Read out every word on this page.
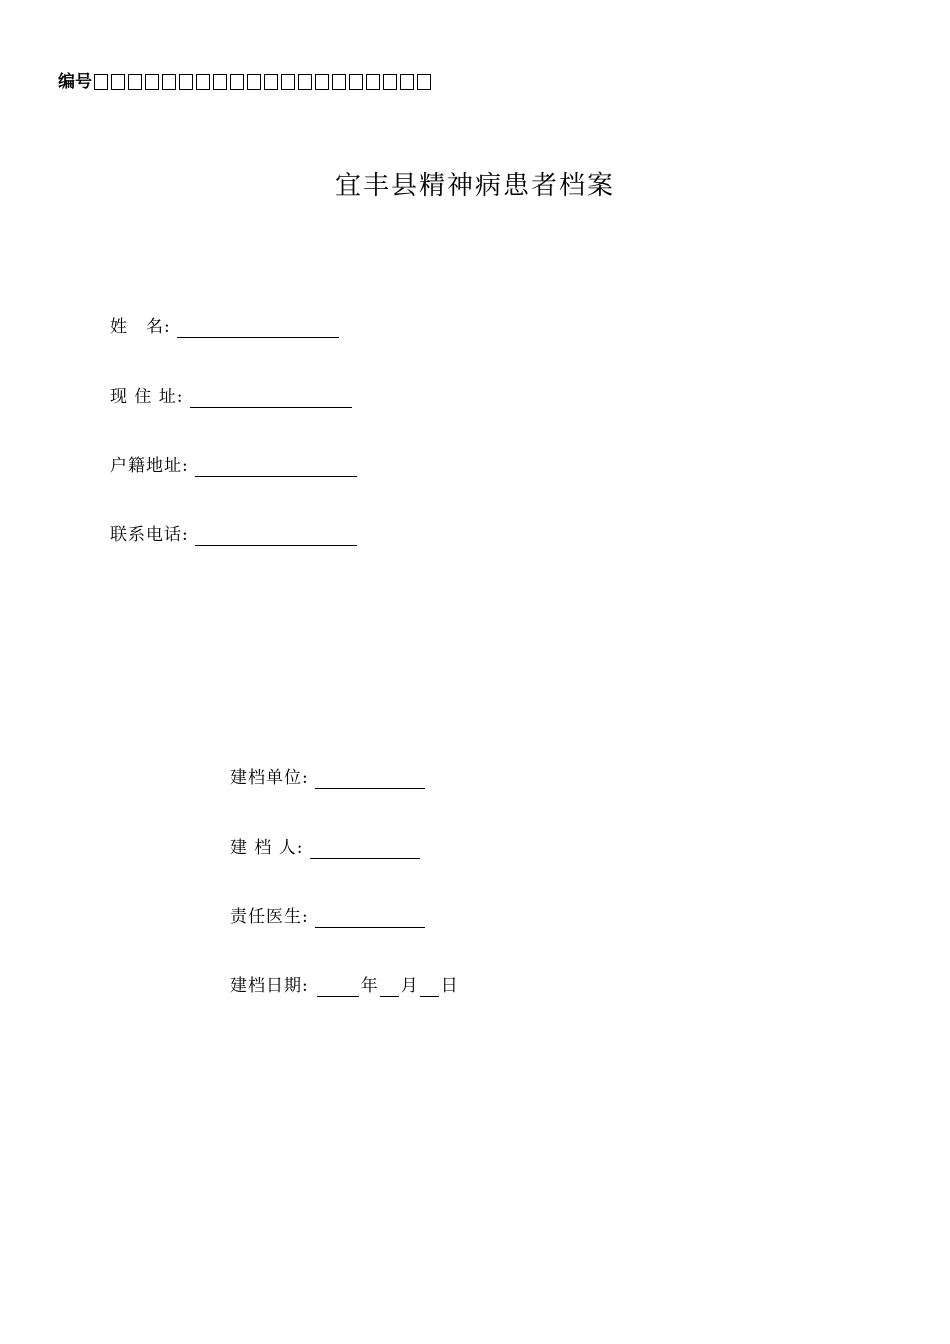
编号
宜丰县精神病患者档案
姓　名:
现 住 址:
户籍地址:
联系电话:
建档单位:
建 档 人:
责任医生:
建档日期:	年 月 日
